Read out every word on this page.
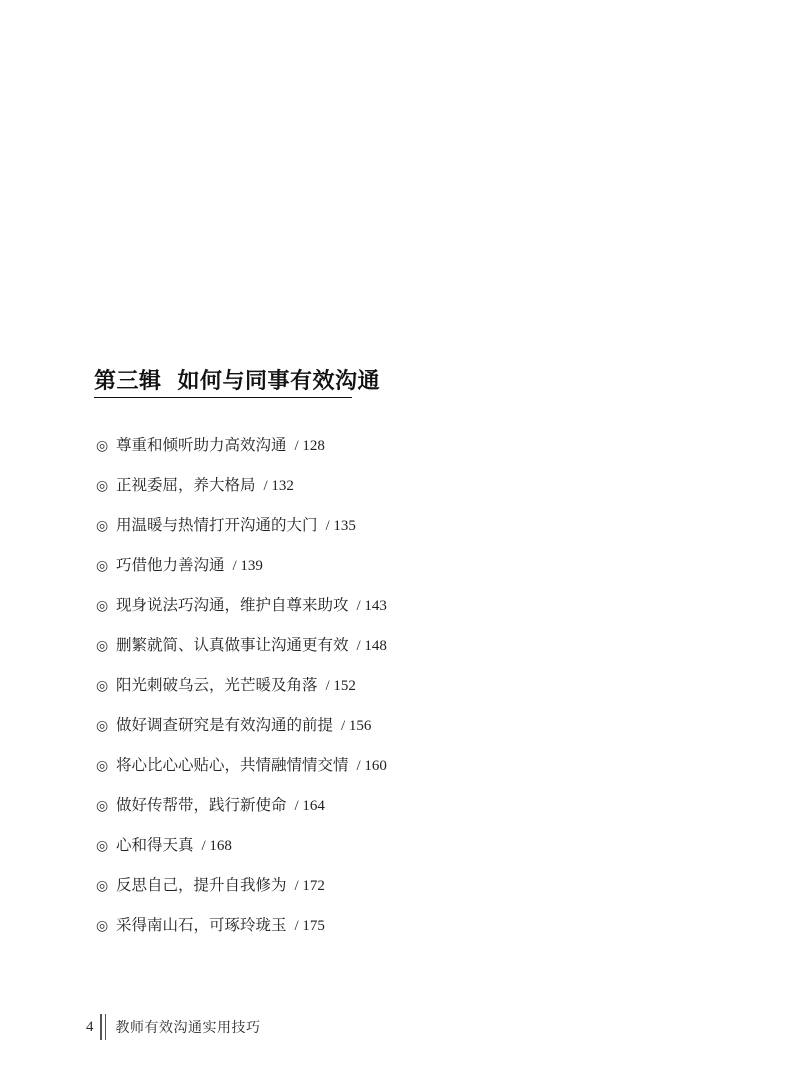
第三辑 如何与同事有效沟通
◎ 尊重和倾听助力高效沟通 / 128
◎ 正视委屈，养大格局 / 132
◎ 用温暖与热情打开沟通的大门 / 135
◎ 巧借他力善沟通 / 139
◎ 现身说法巧沟通，维护自尊来助攻 / 143
◎ 删繁就简、认真做事让沟通更有效 / 148
◎ 阳光刺破乌云，光芒暖及角落 / 152
◎ 做好调查研究是有效沟通的前提 / 156
◎ 将心比心心贴心，共情融情情交情 / 160
◎ 做好传帮带，践行新使命 / 164
◎ 心和得天真 / 168
◎ 反思自己，提升自我修为 / 172
◎ 采得南山石，可琢玲珑玉 / 175
4 教师有效沟通实用技巧
